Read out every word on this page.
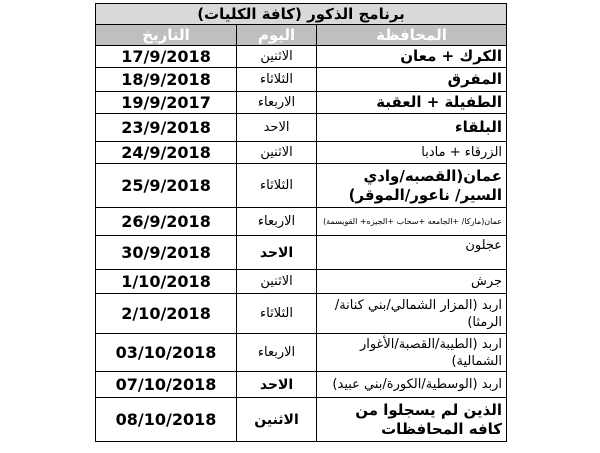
برنامج الذكور (كافة الكليات)		
المحافظة	اليوم	التاريخ
الكرك + معان	الاثنين	17/9/2018
المفرق	الثلاثاء	18/9/2018
الطفيلة + العقبة	الاربعاء	19/9/2017
البلقاء	الاحد	23/9/2018
الزرقاء + مادبا	الاثنين	24/9/2018
عمان(القصبه/وادي السير/ ناعور/الموقر)	الثلاثاء	25/9/2018
عمان(ماركا/ +الجامعه +سحاب +الجيزه+ القويسمة)	الاربعاء	26/9/2018
عجلون	الاحد	30/9/2018
جرش	الاثنين	1/10/2018
اربد (المزار الشمالي/بني كنانة/ الرمثا)	الثلاثاء	2/10/2018
اربد (الطيبة/القصبة/الأغوار الشمالية)	الاربعاء	03/10/2018
اربد (الوسطية/الكورة/بني عبيد)	الاحد	07/10/2018
الذين لم يسجلوا من كافه المحافظات	الاثنين	08/10/2018
